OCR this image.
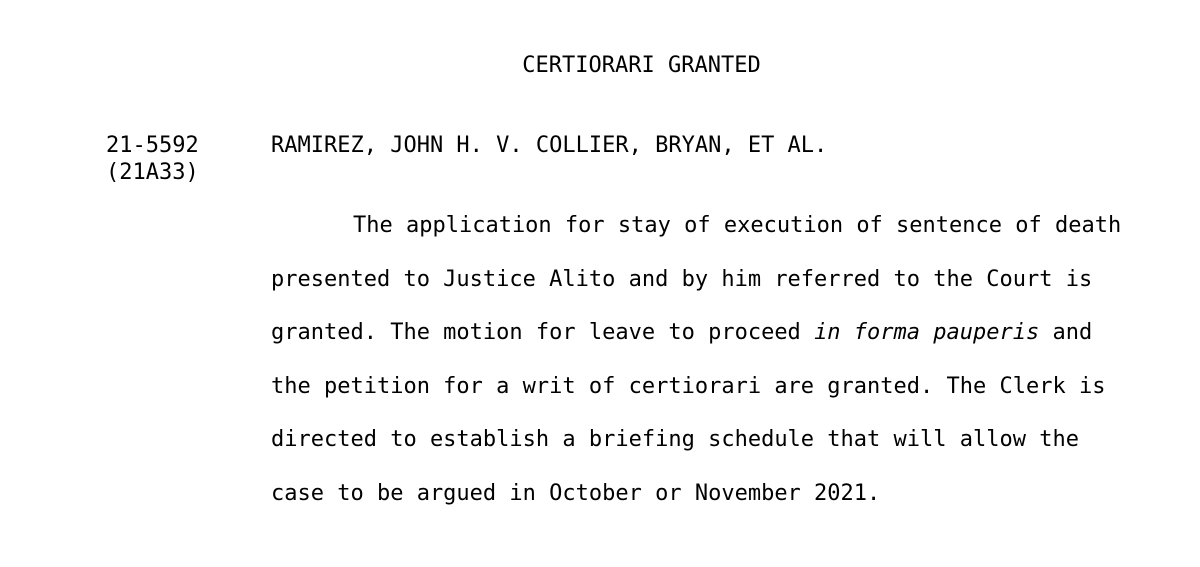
CERTIORARI GRANTED
21-5592
(21A33)
RAMIREZ, JOHN H. V. COLLIER, BRYAN, ET AL.
The application for stay of execution of sentence of death
presented to Justice Alito and by him referred to the Court is
granted. The motion for leave to proceed in forma pauperis and
the petition for a writ of certiorari are granted. The Clerk is
directed to establish a briefing schedule that will allow the
case to be argued in October or November 2021.
